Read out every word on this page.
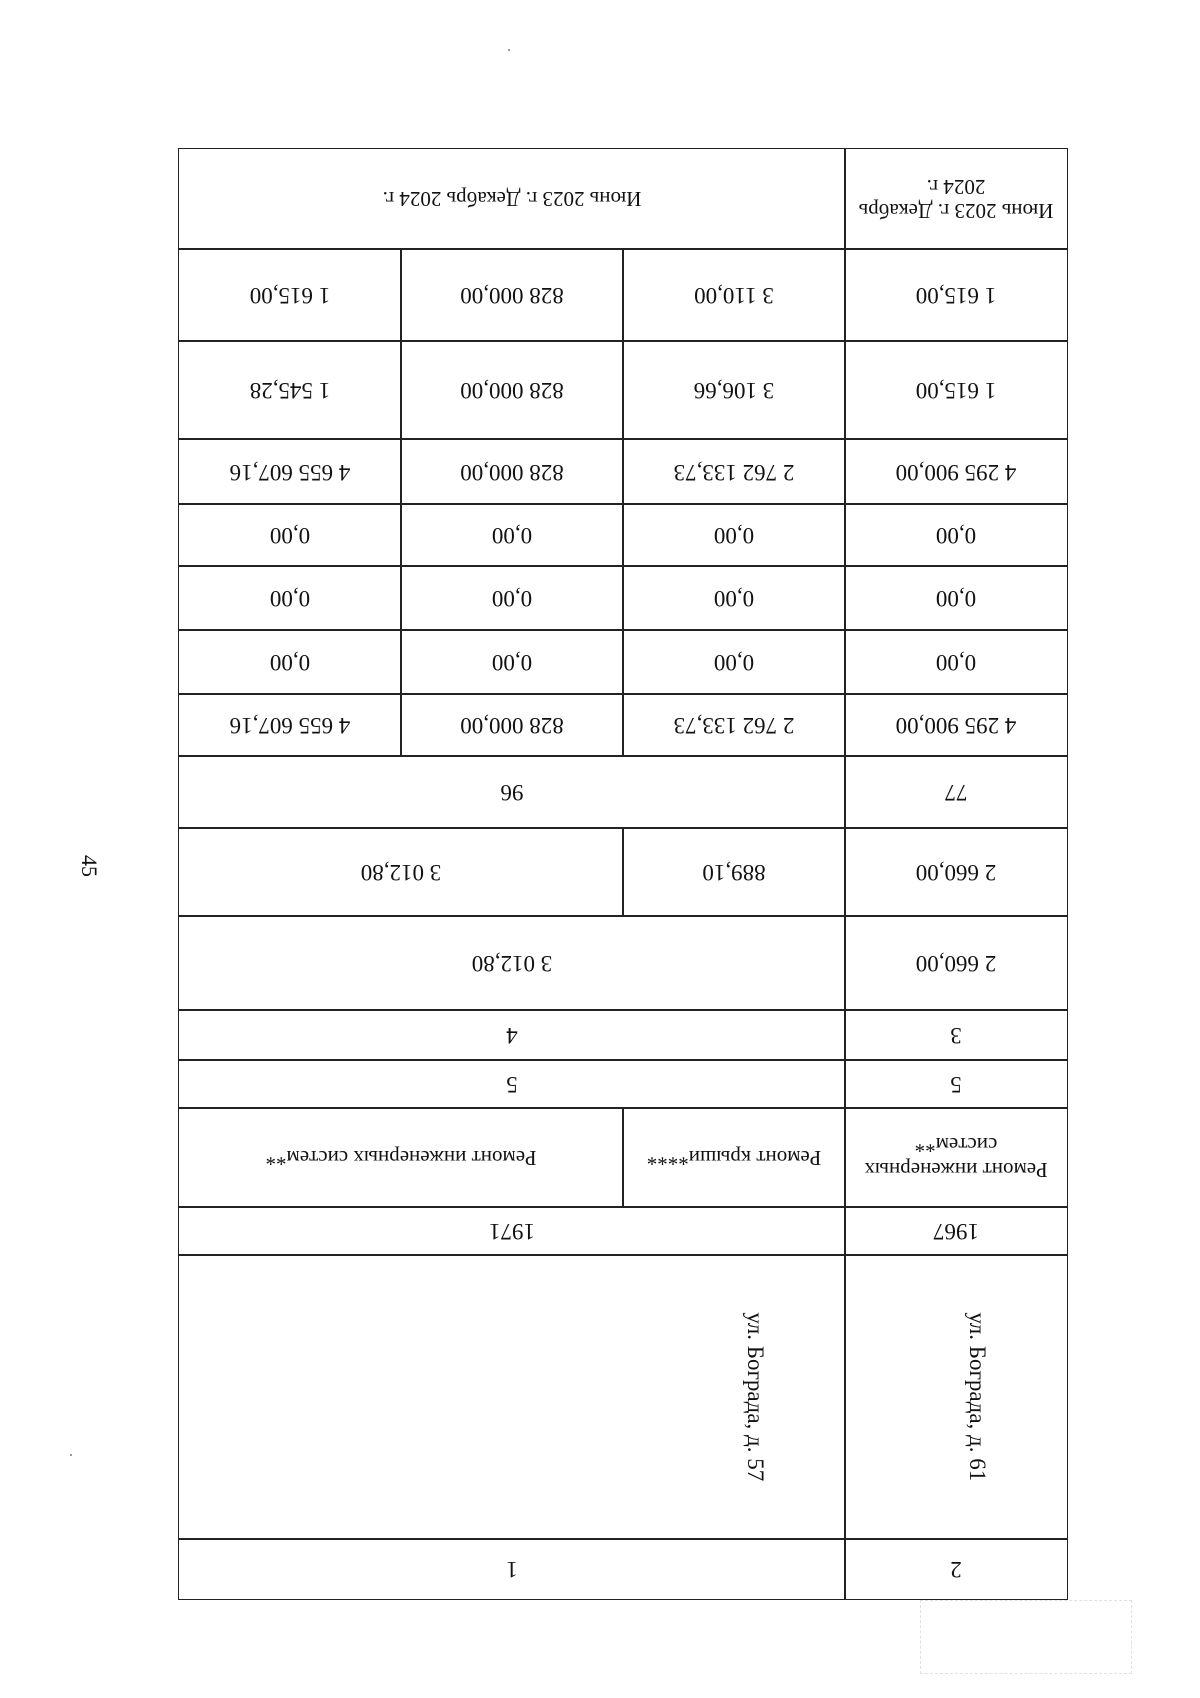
45
2
ул. Бограда, д. 61
1967
Ремонт инженерных систем**
5
3
2 660,00
2 660,00
77
4 295 900,00
0,00
0,00
0,00
4 295 900,00
1 615,00
1 615,00
Июнь 2023 г. Декабрь 2024 г.
1
ул. Бограда, д. 57
1971
Ремонт крыши****
Ремонт инженерных систем**
5
4
3 012,80
889,10
3 012,80
96
2 762 133,73
828 000,00
4 655 607,16
0,00
0,00
0,00
0,00
0,00
0,00
0,00
0,00
0,00
2 762 133,73
828 000,00
4 655 607,16
3 106,66
828 000,00
1 545,28
3 110,00
828 000,00
1 615,00
Июнь 2023 г. Декабрь 2024 г.
